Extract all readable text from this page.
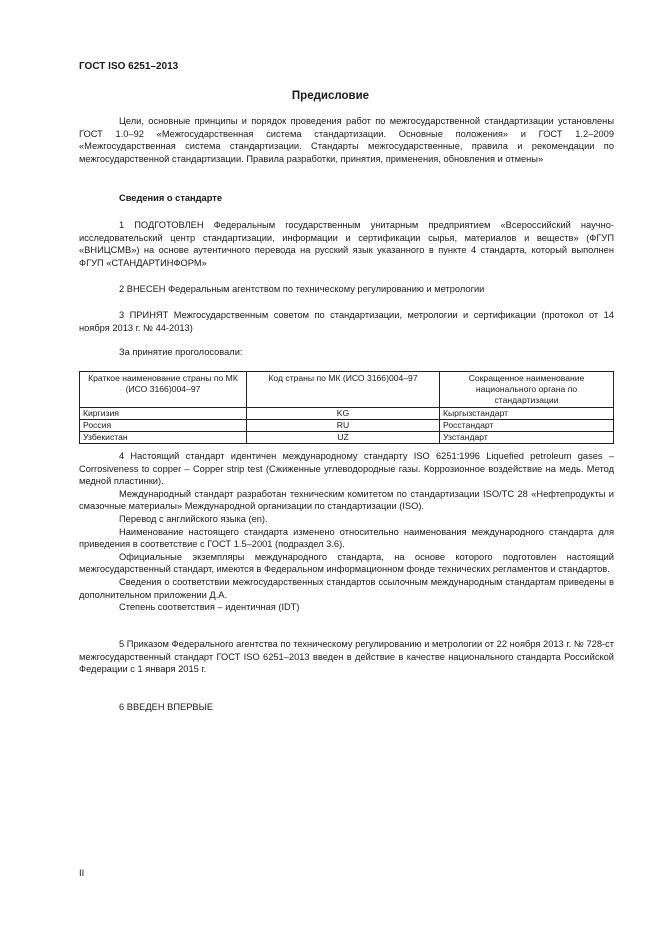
ГОСТ ISO 6251–2013
Предисловие

Цели, основные принципы и порядок проведения работ по межгосударственной стандартизации установлены ГОСТ 1.0–92 «Межгосударственная система стандартизации. Основные положения» и ГОСТ 1.2–2009 «Межгосударственная система стандартизации. Стандарты межгосударственные, правила и рекомендации по межгосударственной стандартизации. Правила разработки, принятия, применения, обновления и отмены»

Сведения о стандарте

1 ПОДГОТОВЛЕН Федеральным государственным унитарным предприятием «Всероссийский научно-исследовательский центр стандартизации, информации и сертификации сырья, материалов и веществ» (ФГУП «ВНИЦСМВ») на основе аутентичного перевода на русский язык указанного в пункте 4 стандарта, который выполнен ФГУП «СТАНДАРТИНФОРМ»

2 ВНЕСЕН Федеральным агентством по техническому регулированию и метрологии

3 ПРИНЯТ Межгосударственным советом по стандартизации, метрологии и сертификации (протокол от 14 ноября 2013 г. № 44-2013)

За принятие проголосовали:

Краткое наименование страны по МК (ИСО 3166)004–97	Код страны по МК (ИСО 3166)004–97	Сокращенное наименование национального органа по стандартизации
Киргизия	KG	Кыргызстандарт
Россия	RU	Росстандарт
Узбекистан	UZ	Узстандарт

4 Настоящий стандарт идентичен международному стандарту ISO 6251:1996 Liquefied petroleum gases – Corrosiveness to copper – Copper strip test (Сжиженные углеводородные газы. Коррозионное воздействие на медь. Метод медной пластинки).

Международный стандарт разработан техническим комитетом по стандартизации ISO/TC 28 «Нефтепродукты и смазочные материалы» Международной организации по стандартизации (ISO).

Перевод с английского языка (en).

Наименование настоящего стандарта изменено относительно наименования международного стандарта для приведения в соответствие с ГОСТ 1.5–2001 (подраздел 3.6).

Официальные экземпляры международного стандарта, на основе которого подготовлен настоящий межгосударственный стандарт, имеются в Федеральном информационном фонде технических регламентов и стандартов.

Сведения о соответствии межгосударственных стандартов ссылочным международным стандартам приведены в дополнительном приложении Д.А.

Степень соответствия – идентичная (IDT)

5 Приказом Федерального агентства по техническому регулированию и метрологии от 22 ноября 2013 г. № 728-ст межгосударственный стандарт ГОСТ ISO 6251–2013 введен в действие в качестве национального стандарта Российской Федерации с 1 января 2015 г.

6 ВВЕДЕН ВПЕРВЫЕ

II
